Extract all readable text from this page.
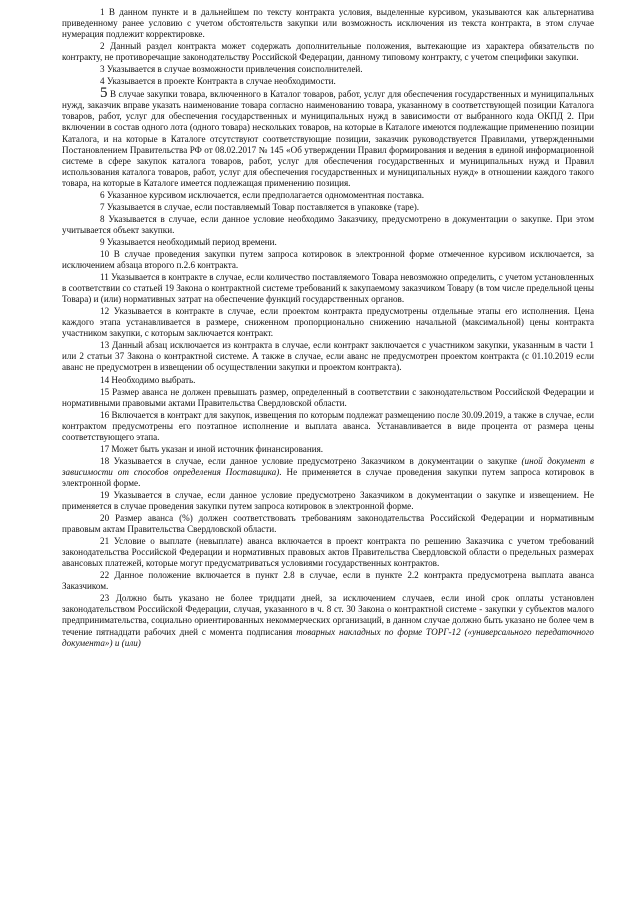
1 В данном пункте и в дальнейшем по тексту контракта условия, выделенные курсивом, указываются как альтернатива приведенному ранее условию с учетом обстоятельств закупки или возможность исключения из текста контракта, в этом случае нумерация подлежит корректировке.

2 Данный раздел контракта может содержать дополнительные положения, вытекающие из характера обязательств по контракту, не противоречащие законодательству Российской Федерации, данному типовому контракту, с учетом специфики закупки.

3 Указывается в случае возможности привлечения соисполнителей.

4 Указывается в проекте Контракта в случае необходимости.

5 В случае закупки товара, включенного в Каталог товаров, работ, услуг для обеспечения государственных и муниципальных нужд, заказчик вправе указать наименование товара согласно наименованию товара, указанному в соответствующей позиции Каталога товаров, работ, услуг для обеспечения государственных и муниципальных нужд в зависимости от выбранного кода ОКПД 2. При включении в состав одного лота (одного товара) нескольких товаров, на которые в Каталоге имеются подлежащие применению позиции Каталога, и на которые в Каталоге отсутствуют соответствующие позиции, заказчик руководствуется Правилами, утвержденными Постановлением Правительства РФ от 08.02.2017 № 145 «Об утверждении Правил формирования и ведения в единой информационной системе в сфере закупок каталога товаров, работ, услуг для обеспечения государственных и муниципальных нужд и Правил использования каталога товаров, работ, услуг для обеспечения государственных и муниципальных нужд» в отношении каждого такого товара, на которые в Каталоге имеется подлежащая применению позиция.

6 Указанное курсивом исключается, если предполагается одномоментная поставка.

7 Указывается в случае, если поставляемый Товар поставляется в упаковке (таре).

8 Указывается в случае, если данное условие необходимо Заказчику, предусмотрено в документации о закупке. При этом учитывается объект закупки.

9 Указывается необходимый период времени.

10 В случае проведения закупки путем запроса котировок в электронной форме отмеченное курсивом исключается, за исключением абзаца второго п.2.6 контракта.

11 Указывается в контракте в случае, если количество поставляемого Товара невозможно определить, с учетом установленных в соответствии со статьей 19 Закона о контрактной системе требований к закупаемому заказчиком Товару (в том числе предельной цены Товара) и (или) нормативных затрат на обеспечение функций государственных органов.

12 Указывается в контракте в случае, если проектом контракта предусмотрены отдельные этапы его исполнения. Цена каждого этапа устанавливается в размере, сниженном пропорционально снижению начальной (максимальной) цены контракта участником закупки, с которым заключается контракт.

13 Данный абзац исключается из контракта в случае, если контракт заключается с участником закупки, указанным в части 1 или 2 статьи 37 Закона о контрактной системе. А также в случае, если аванс не предусмотрен проектом контракта (с 01.10.2019 если аванс не предусмотрен в извещении об осуществлении закупки и проектом контракта).

14 Необходимо выбрать.

15 Размер аванса не должен превышать размер, определенный в соответствии с законодательством Российской Федерации и нормативными правовыми актами Правительства Свердловской области.

16 Включается в контракт для закупок, извещения по которым подлежат размещению после 30.09.2019, а также в случае, если контрактом предусмотрены его поэтапное исполнение и выплата аванса. Устанавливается в виде процента от размера цены соответствующего этапа.

17 Может быть указан и иной источник финансирования.

18 Указывается в случае, если данное условие предусмотрено Заказчиком в документации о закупке (иной документ в зависимости от способов определения Поставщика). Не применяется в случае проведения закупки путем запроса котировок в электронной форме.

19 Указывается в случае, если данное условие предусмотрено Заказчиком в документации о закупке и извещением. Не применяется в случае проведения закупки путем запроса котировок в электронной форме.

20 Размер аванса (%) должен соответствовать требованиям законодательства Российской Федерации и нормативным правовым актам Правительства Свердловской области.

21 Условие о выплате (невыплате) аванса включается в проект контракта по решению Заказчика с учетом требований законодательства Российской Федерации и нормативных правовых актов Правительства Свердловской области о предельных размерах авансовых платежей, которые могут предусматриваться условиями государственных контрактов.

22 Данное положение включается в пункт 2.8 в случае, если в пункте 2.2 контракта предусмотрена выплата аванса Заказчиком.

23 Должно быть указано не более тридцати дней, за исключением случаев, если иной срок оплаты установлен законодательством Российской Федерации, случая, указанного в ч. 8 ст. 30 Закона о контрактной системе - закупки у субъектов малого предпринимательства, социально ориентированных некоммерческих организаций, в данном случае должно быть указано не более чем в течение пятнадцати рабочих дней с момента подписания товарных накладных по форме ТОРГ-12 («универсального передаточного документа») и (или)
